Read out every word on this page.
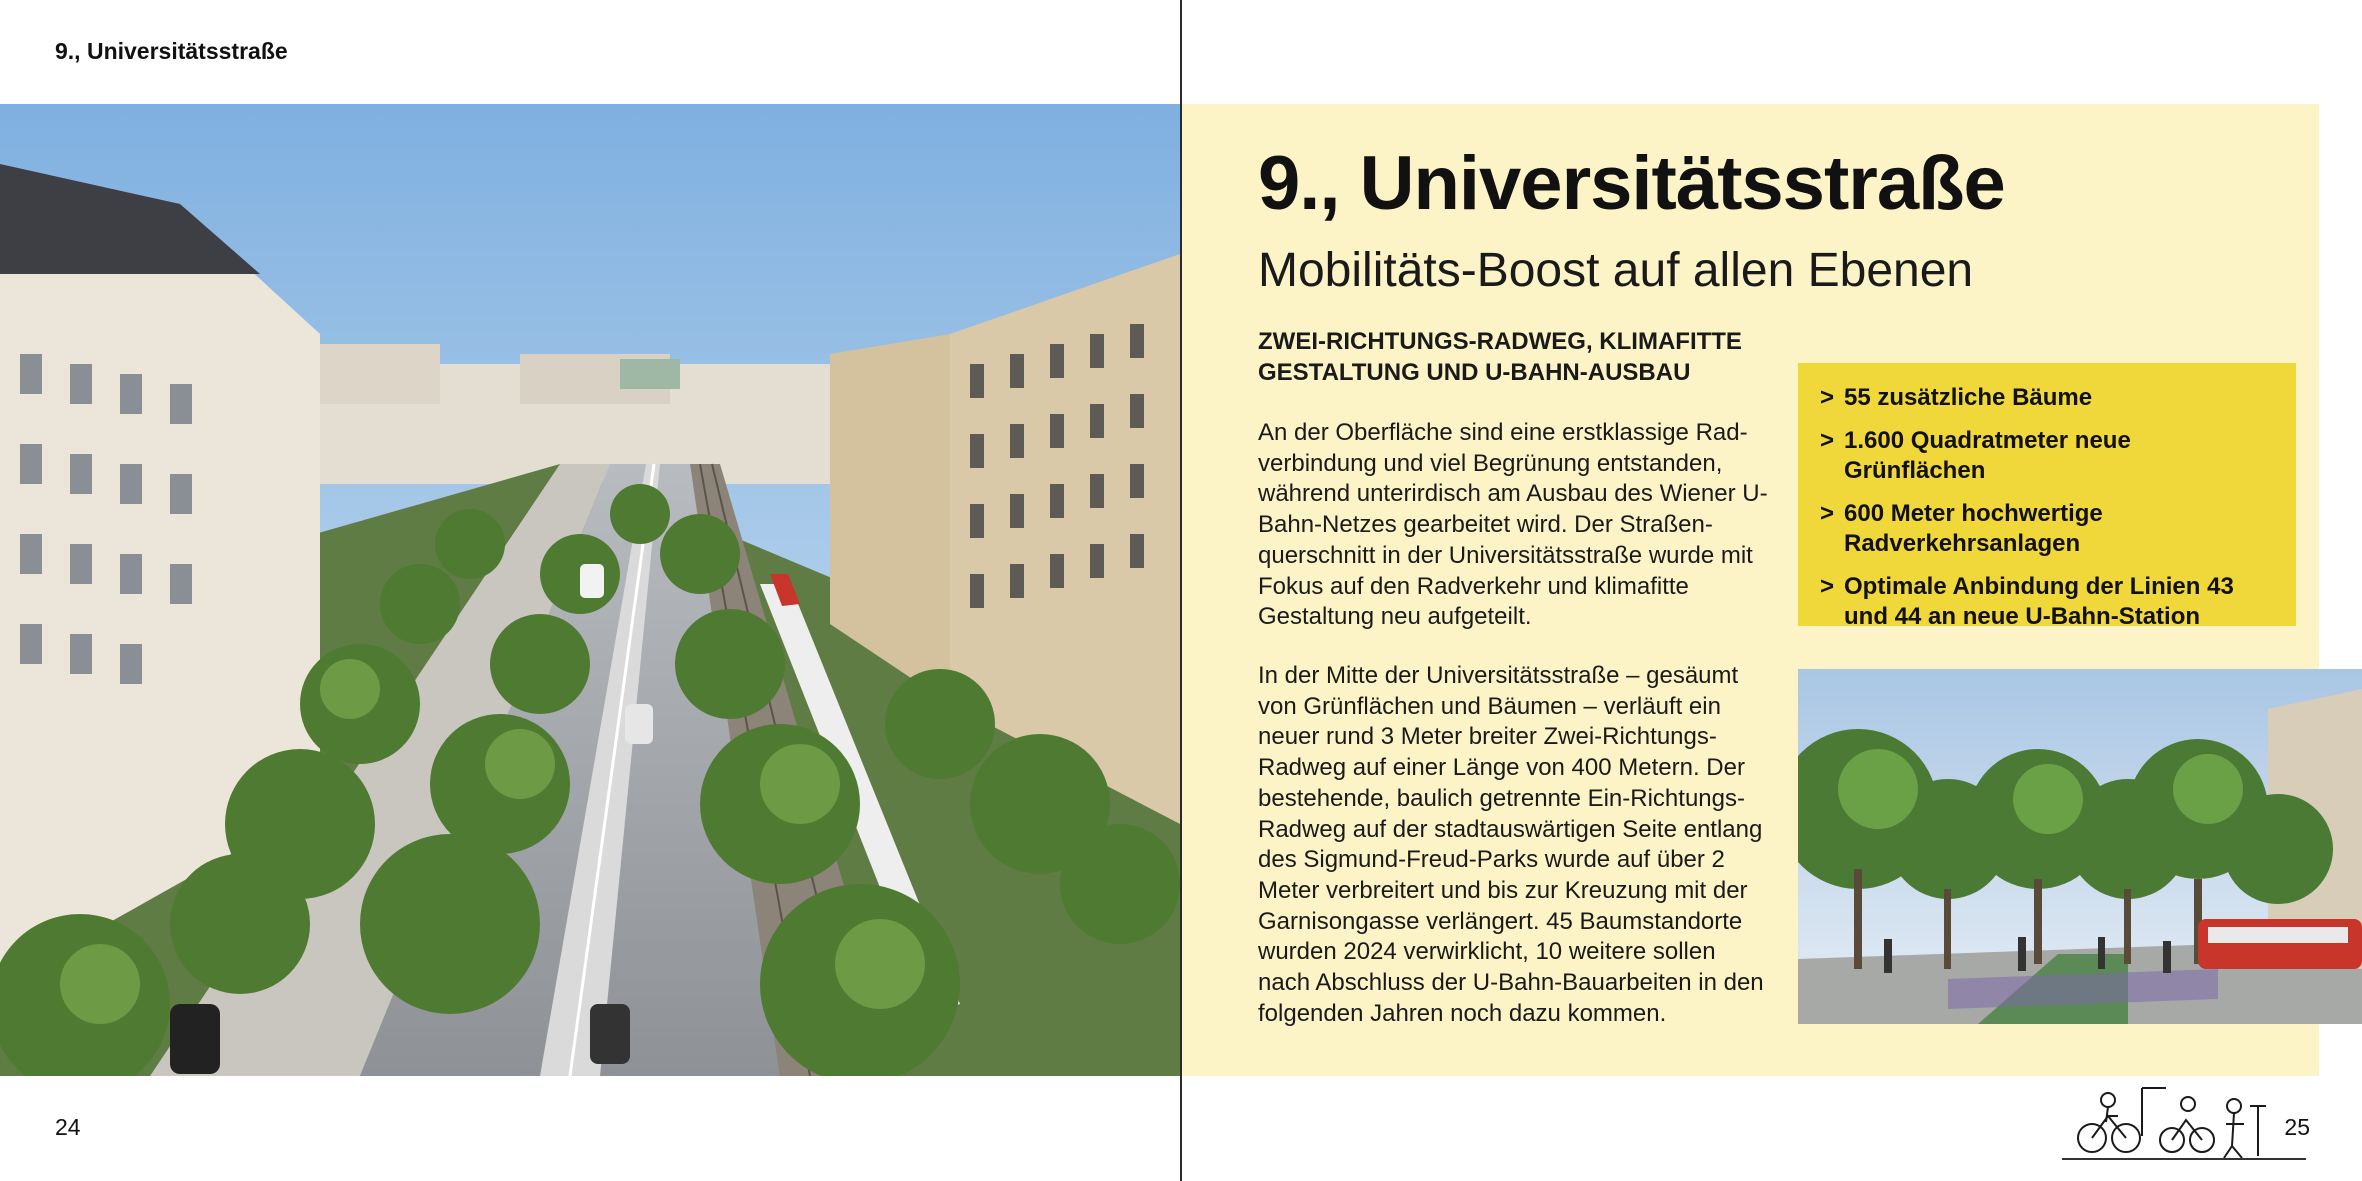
9., Universitätsstraße
24
9., Universitätsstraße
Mobilitäts-Boost auf allen Ebenen
ZWEI-RICHTUNGS-RADWEG, KLIMAFITTE
GESTALTUNG UND U-BAHN-AUSBAU
An der Oberfläche sind eine erstklassige Radverbindung und viel Begrünung entstanden, während unterirdisch am Ausbau des Wiener U-Bahn-Netzes gearbeitet wird. Der Straßenquerschnitt in der Universitätsstraße wurde mit Fokus auf den Radverkehr und klimafitte Gestaltung neu aufgeteilt.
In der Mitte der Universitätsstraße – gesäumt von Grünflächen und Bäumen – verläuft ein neuer rund 3 Meter breiter Zwei-Richtungs-Radweg auf einer Länge von 400 Metern. Der bestehende, baulich getrennte Ein-Richtungs-Radweg auf der stadtauswärtigen Seite entlang des Sigmund-Freud-Parks wurde auf über 2 Meter verbreitert und bis zur Kreuzung mit der Garnisongasse verlängert. 45 Baumstandorte wurden 2024 verwirklicht, 10 weitere sollen nach Abschluss der U-Bahn-Bauarbeiten in den folgenden Jahren noch dazu kommen.
> 55 zusätzliche Bäume
> 1.600 Quadratmeter neue Grünflächen
> 600 Meter hochwertige Radverkehrsanlagen
> Optimale Anbindung der Linien 43 und 44 an neue U-Bahn-Station
25
